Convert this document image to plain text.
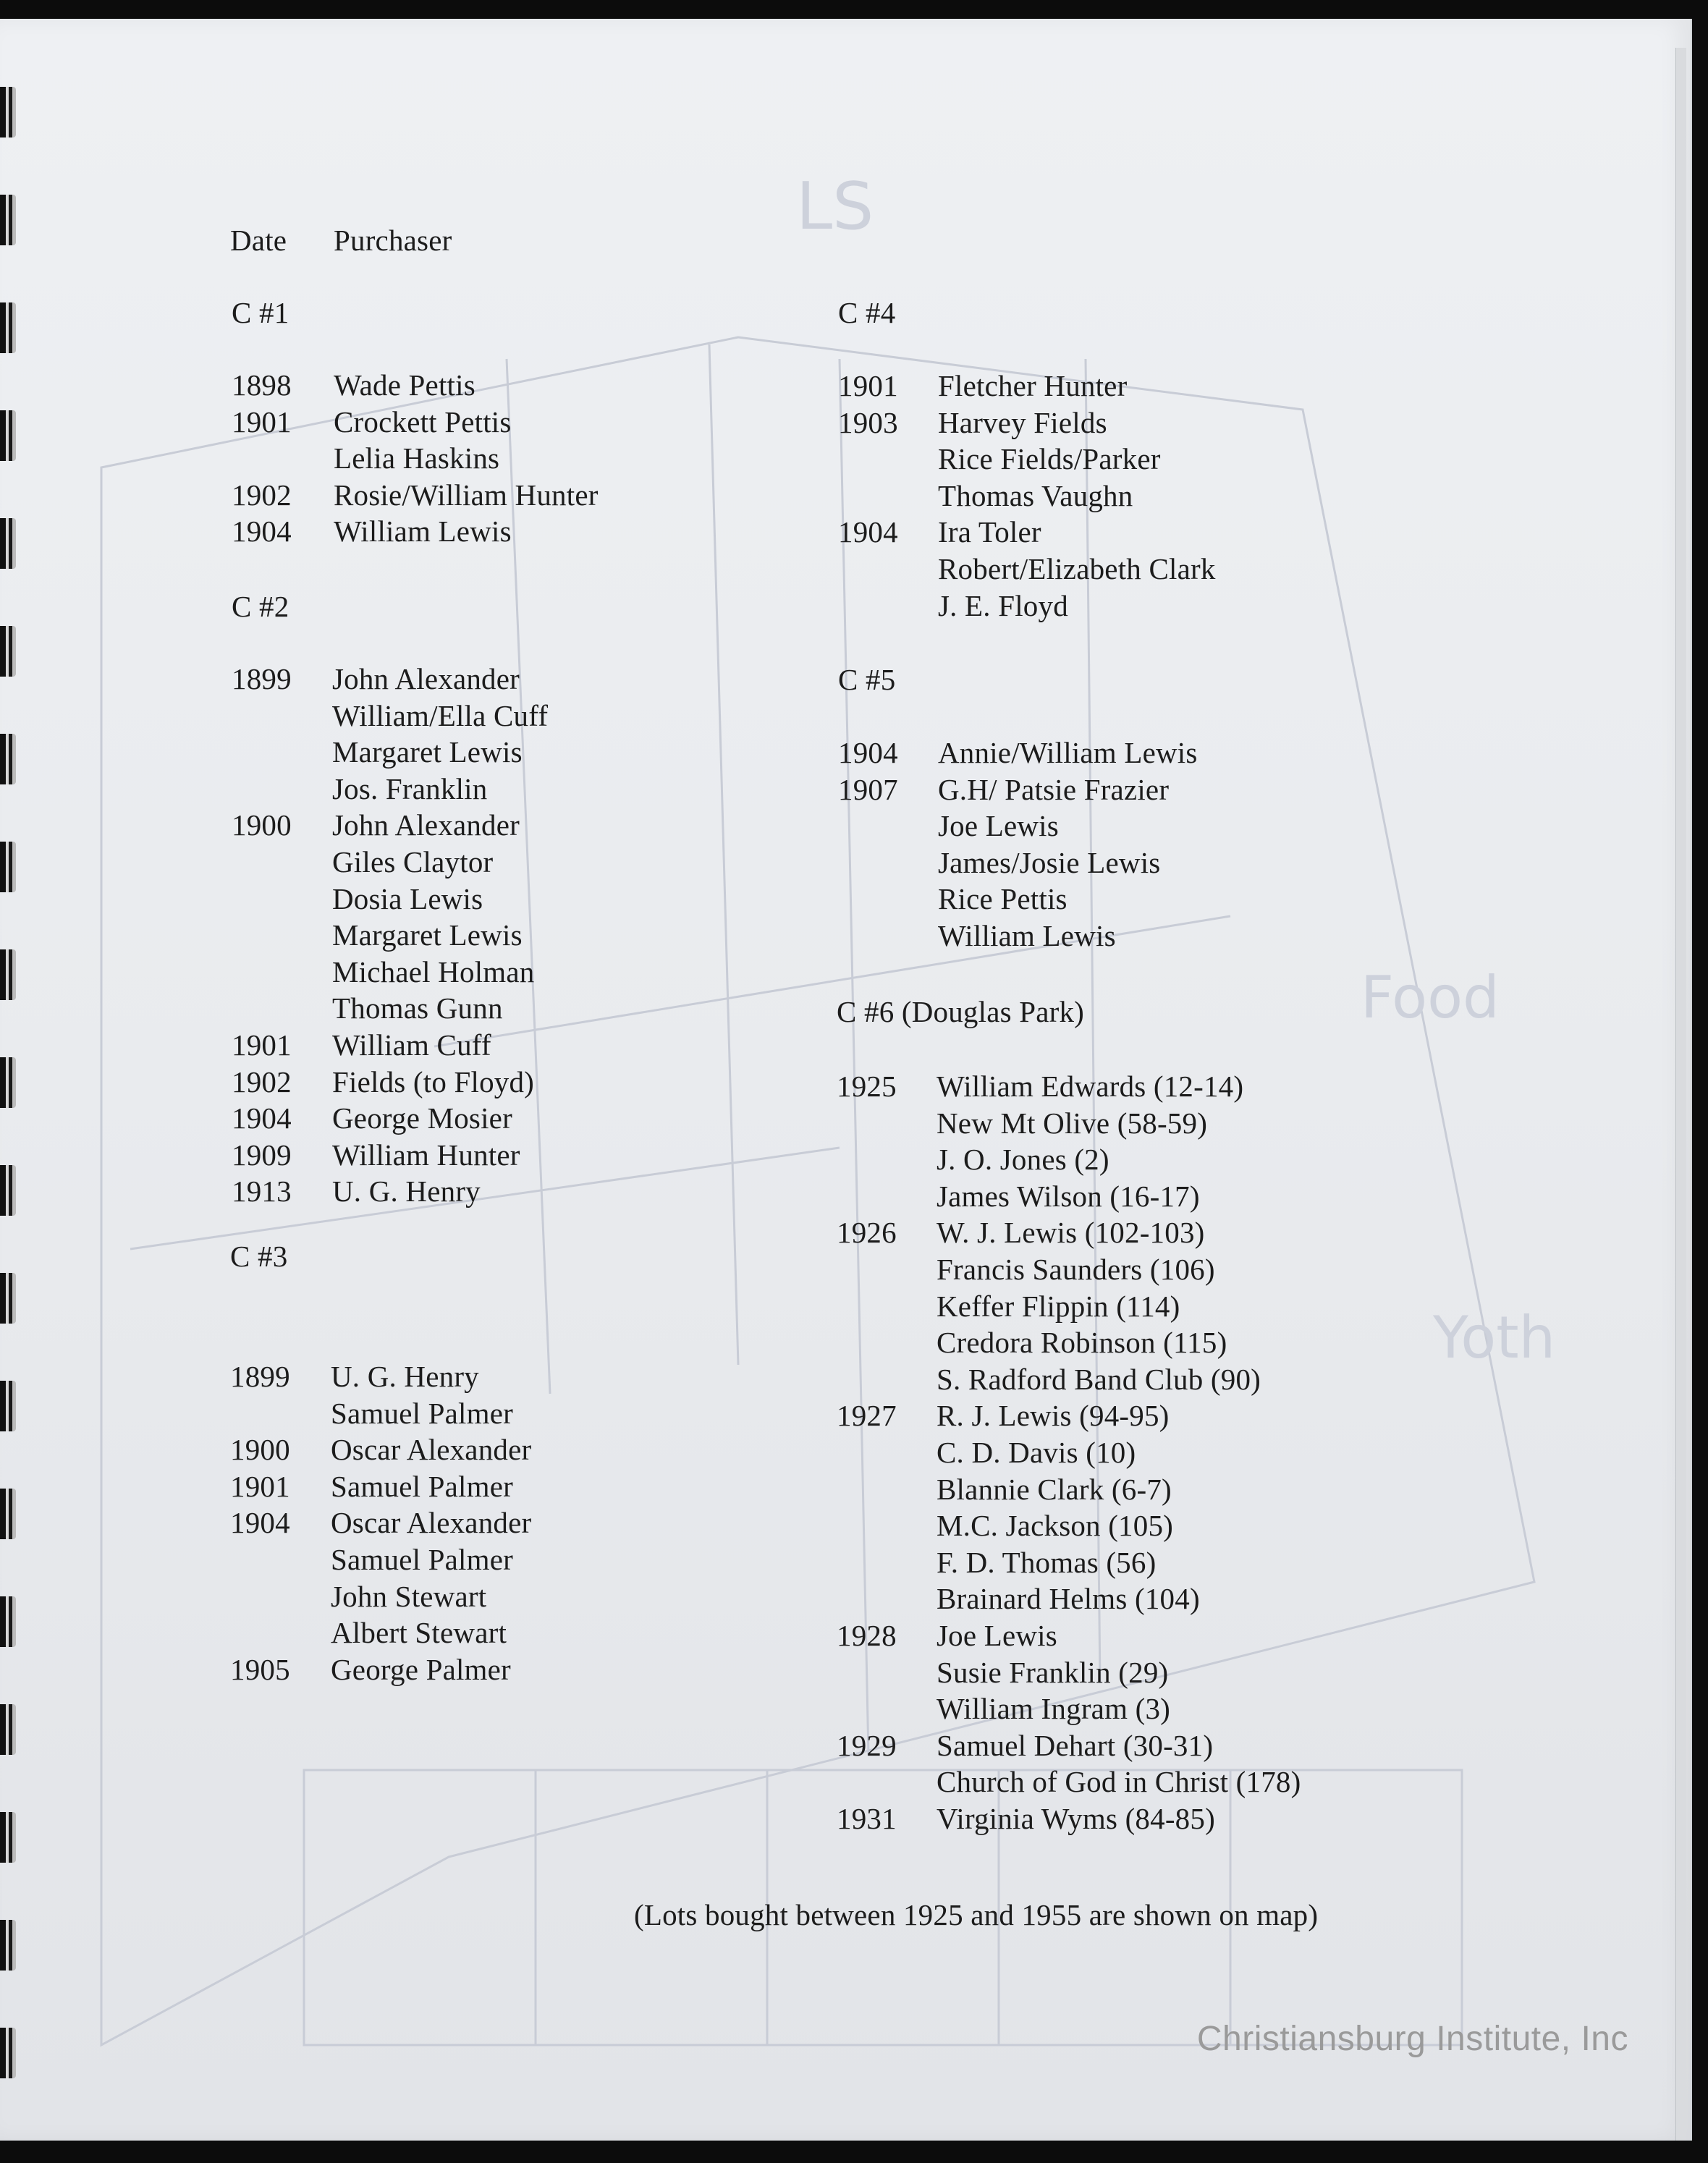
LS
Food
Yoth
Date Purchaser
(Lots bought between 1925 and 1955 are shown on map)
C #1
1898 Wade Pettis
1901 Crockett Pettis
Lelia Haskins
1902 Rosie/William Hunter
1904 William Lewis
C #2
1899 John Alexander
William/Ella Cuff
Margaret Lewis
Jos. Franklin
1900 John Alexander
Giles Claytor
Dosia Lewis
Margaret Lewis
Michael Holman
Thomas Gunn
1901 William Cuff
1902 Fields (to Floyd)
1904 George Mosier
1909 William Hunter
1913 U. G. Henry
C #3
1899 U. G. Henry
Samuel Palmer
1900 Oscar Alexander
1901 Samuel Palmer
1904 Oscar Alexander
Samuel Palmer
John Stewart
Albert Stewart
1905 George Palmer
C #4
1901 Fletcher Hunter
1903 Harvey Fields
Rice Fields/Parker
Thomas Vaughn
1904 Ira Toler
Robert/Elizabeth Clark
J. E. Floyd
C #5
1904 Annie/William Lewis
1907 G.H/ Patsie Frazier
Joe Lewis
James/Josie Lewis
Rice Pettis
William Lewis
C #6 (Douglas Park)
1925 William Edwards (12-14)
New Mt Olive (58-59)
J. O. Jones (2)
James Wilson (16-17)
1926 W. J. Lewis (102-103)
Francis Saunders (106)
Keffer Flippin (114)
Credora Robinson (115)
S. Radford Band Club (90)
1927 R. J. Lewis (94-95)
C. D. Davis (10)
Blannie Clark (6-7)
M.C. Jackson (105)
F. D. Thomas (56)
Brainard Helms (104)
1928 Joe Lewis
Susie Franklin (29)
William Ingram (3)
1929 Samuel Dehart (30-31)
Church of God in Christ (178)
1931 Virginia Wyms (84-85)
Christiansburg Institute, Inc
